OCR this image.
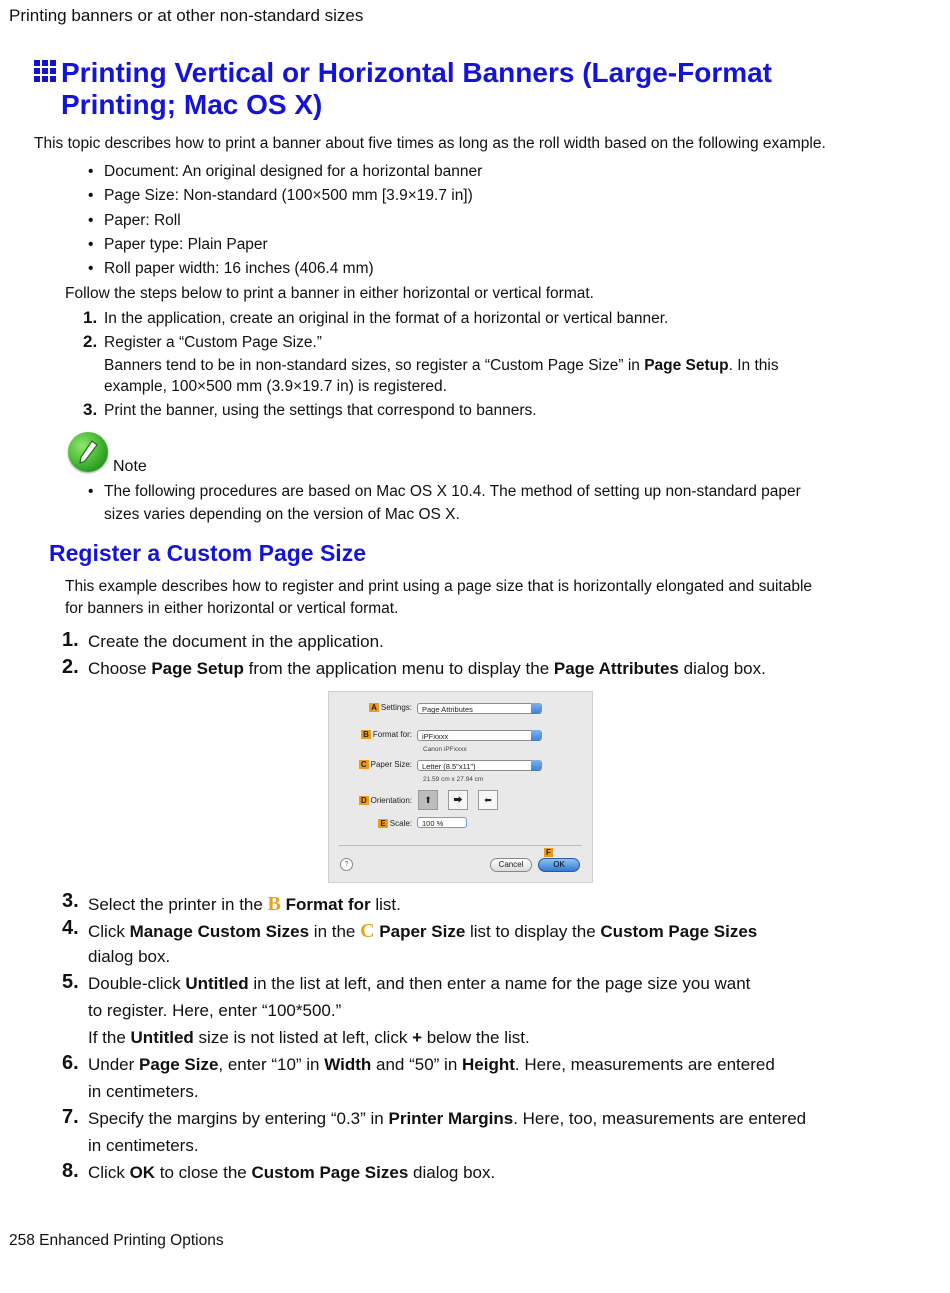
Printing banners or at other non-standard sizes
Printing Vertical or Horizontal Banners (Large-Format Printing; Mac OS X)
This topic describes how to print a banner about five times as long as the roll width based on the following example.
• Document: An original designed for a horizontal banner
• Page Size: Non-standard (100×500 mm [3.9×19.7 in])
• Paper: Roll
• Paper type: Plain Paper
• Roll paper width: 16 inches (406.4 mm)
Follow the steps below to print a banner in either horizontal or vertical format.
1. In the application, create an original in the format of a horizontal or vertical banner.
2. Register a “Custom Page Size.”
Banners tend to be in non-standard sizes, so register a “Custom Page Size” in Page Setup. In this
example, 100×500 mm (3.9×19.7 in) is registered.
3. Print the banner, using the settings that correspond to banners.
Note
• The following procedures are based on Mac OS X 10.4. The method of setting up non-standard paper
sizes varies depending on the version of Mac OS X.
Register a Custom Page Size
This example describes how to register and print using a page size that is horizontally elongated and suitable
for banners in either horizontal or vertical format.
1. Create the document in the application.
2. Choose Page Setup from the application menu to display the Page Attributes dialog box.
A Settings:	Page Attributes
B Format for:	iPFxxxx
Canon iPFxxxx
C Paper Size:	Letter (8.5"x11")
21.59 cm x 27.94 cm
D Orientation:	⬆	⮕	⬅
E Scale:	100 %
?
F
Cancel	OK
3. Select the printer in the B Format for list.
4. Click Manage Custom Sizes in the C Paper Size list to display the Custom Page Sizes
dialog box.
5. Double-click Untitled in the list at left, and then enter a name for the page size you want
to register. Here, enter “100*500.”
If the Untitled size is not listed at left, click + below the list.
6. Under Page Size, enter “10” in Width and “50” in Height. Here, measurements are entered
in centimeters.
7. Specify the margins by entering “0.3” in Printer Margins. Here, too, measurements are entered
in centimeters.
8. Click OK to close the Custom Page Sizes dialog box.
258 Enhanced Printing Options
